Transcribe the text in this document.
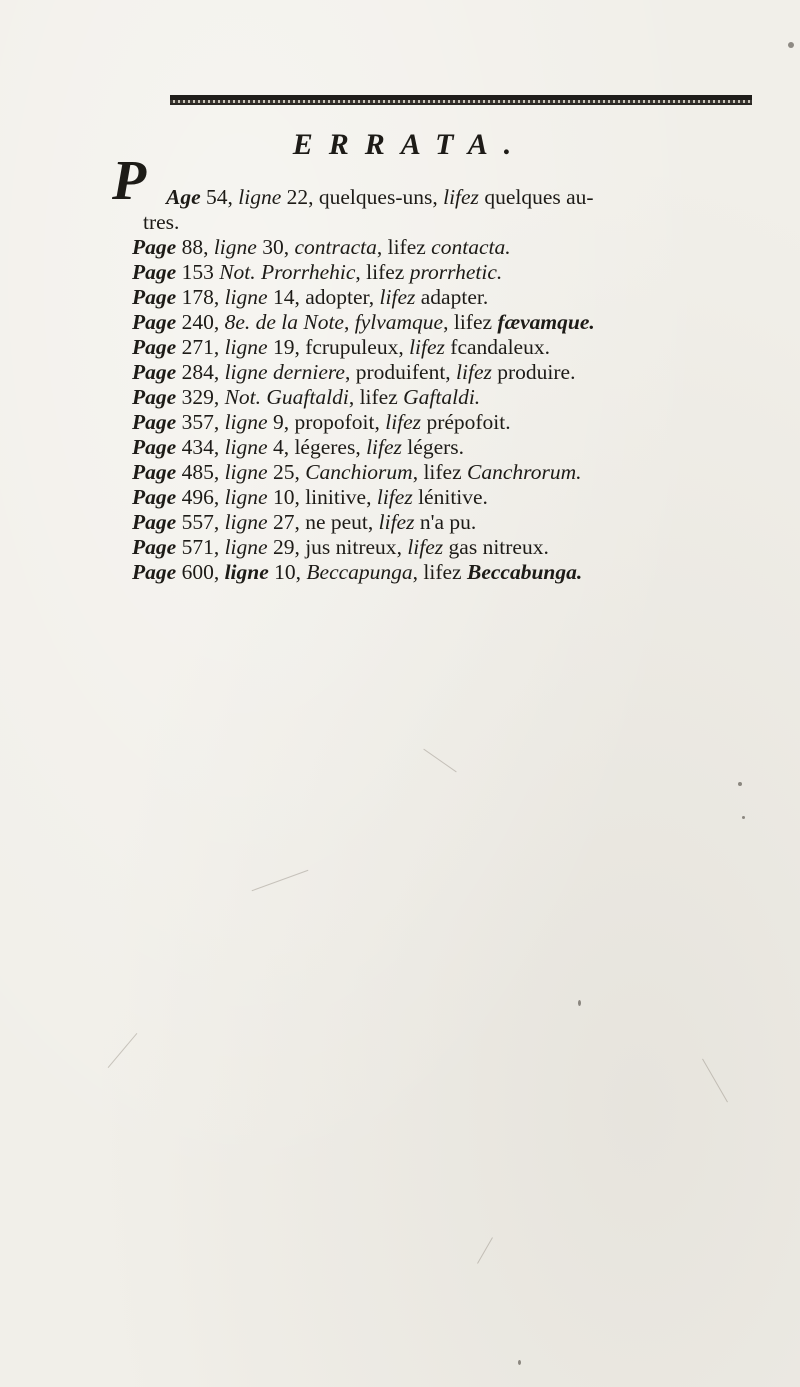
ERRATA.
P Age 54, ligne 22, quelques-uns, lifez quelques au-
tres.
Page 88, ligne 30, contracta, lifez contacta.
Page 153 Not. Prorrhehic, lifez prorrhetic.
Page 178, ligne 14, adopter, lifez adapter.
Page 240, 8e. de la Note, fylvamque, lifez fævamque.
Page 271, ligne 19, fcrupuleux, lifez fcandaleux.
Page 284, ligne derniere, produifent, lifez produire.
Page 329, Not. Guaftaldi, lifez Gaftaldi.
Page 357, ligne 9, propofoit, lifez prépofoit.
Page 434, ligne 4, légeres, lifez légers.
Page 485, ligne 25, Canchiorum, lifez Canchrorum.
Page 496, ligne 10, linitive, lifez lénitive.
Page 557, ligne 27, ne peut, lifez n'a pu.
Page 571, ligne 29, jus nitreux, lifez gas nitreux.
Page 600, ligne 10, Beccapunga, lifez Beccabunga.
